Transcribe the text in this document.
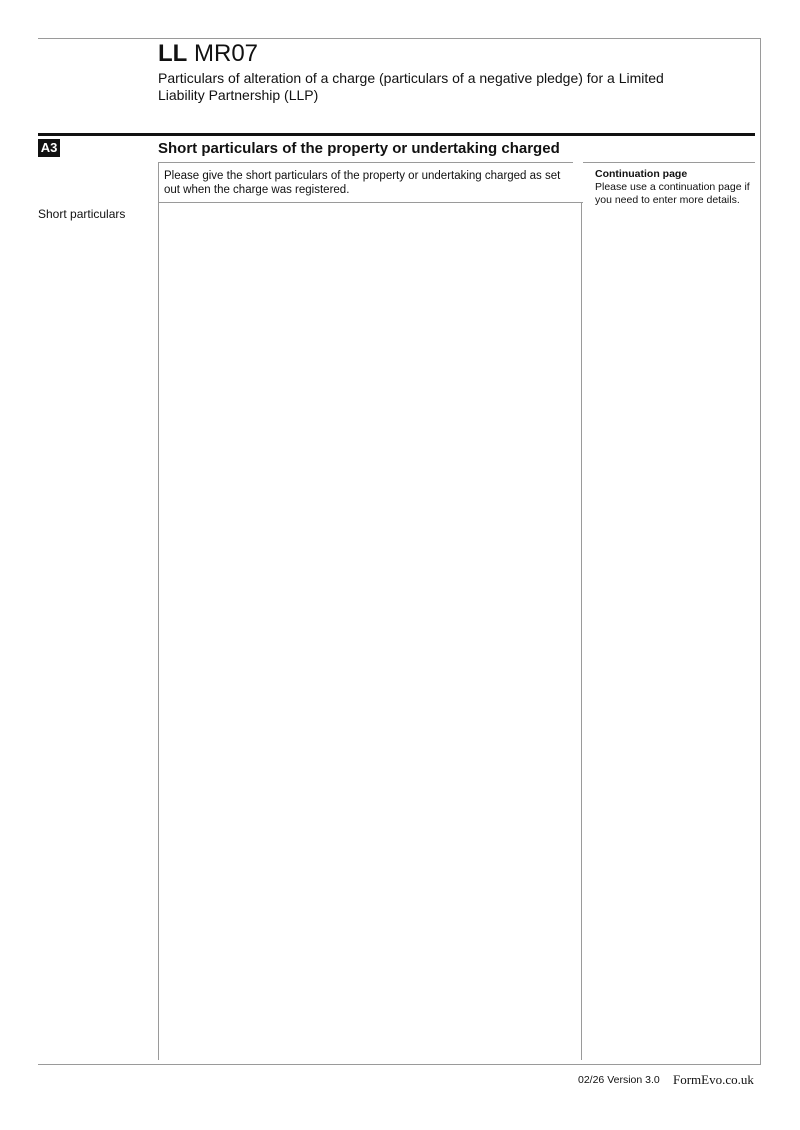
LL MR07
Particulars of alteration of a charge (particulars of a negative pledge) for a Limited Liability Partnership (LLP)
A3	Short particulars of the property or undertaking charged
Please give the short particulars of the property or undertaking charged as set out when the charge was registered.
Continuation page
Please use a continuation page if you need to enter more details.
Short particulars
02/26 Version 3.0 FormEvo.co.uk
